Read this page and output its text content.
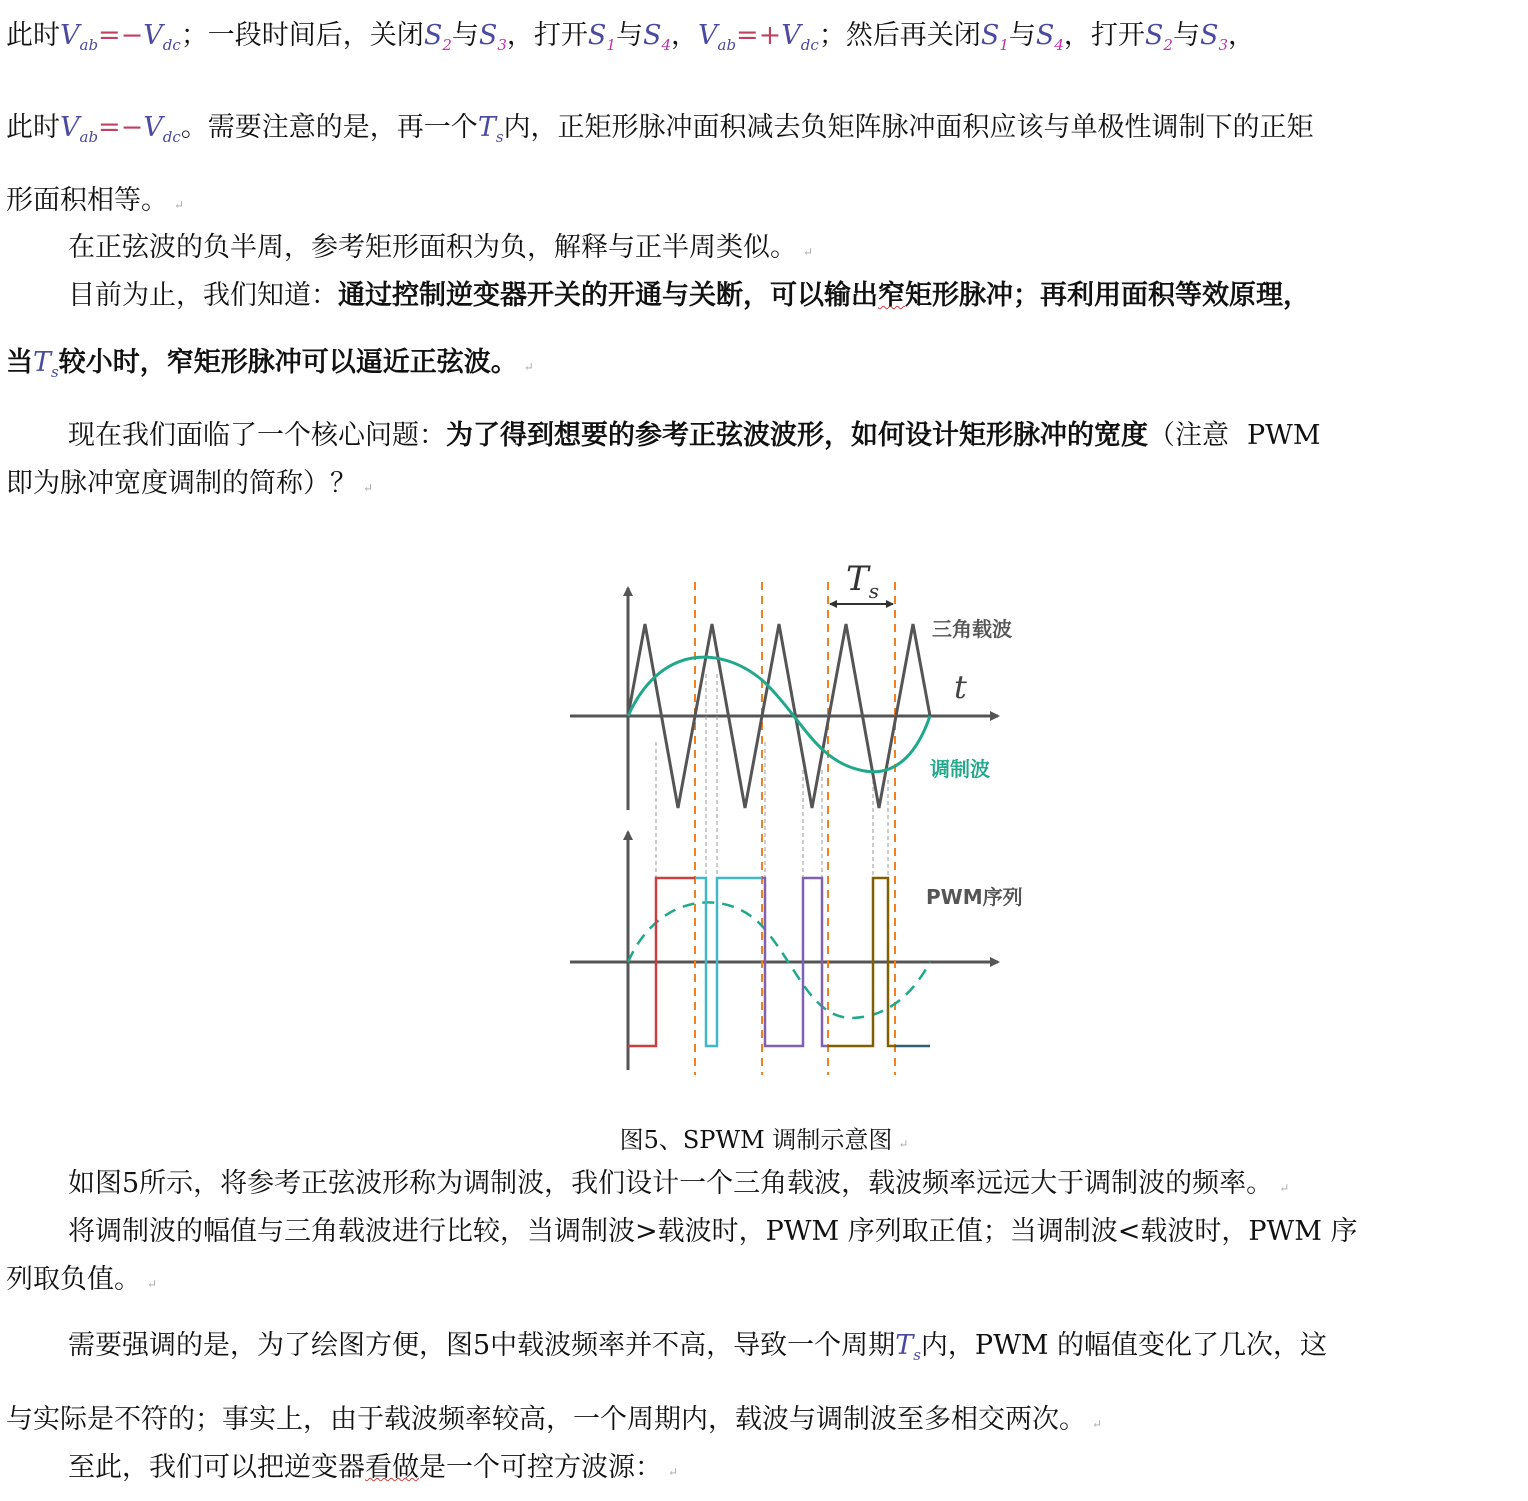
此时$V_{ab}=-V_{dc}$；一段时间后，关闭$S_2$与$S_3$，打开$S_1$与$S_4$，$V_{ab}=+V_{dc}$；然后再关闭$S_1$与$S_4$，打开$S_2$与$S_3$，
此时$V_{ab}=-V_{dc}$。需要注意的是，再一个$T_s$内，正矩形脉冲面积减去负矩阵脉冲面积应该与单极性调制下的正矩
形面积相等。 ↵
在正弦波的负半周，参考矩形面积为负，解释与正半周类似。 ↵
目前为止，我们知道：通过控制逆变器开关的开通与关断，可以输出窄矩形脉冲；再利用面积等效原理，
当$T_s$较小时，窄矩形脉冲可以逼近正弦波。 ↵
现在我们面临了一个核心问题：为了得到想要的参考正弦波波形，如何设计矩形脉冲的宽度（注意 PWM
即为脉冲宽度调制的简称）？ ↵
$T_s$
t
三角载波
调制波
PWM序列
图5、SPWM 调制示意图 ↵
如图5所示，将参考正弦波形称为调制波，我们设计一个三角载波，载波频率远远大于调制波的频率。 ↵
将调制波的幅值与三角载波进行比较，当调制波>载波时，PWM 序列取正值；当调制波<载波时，PWM 序
列取负值。 ↵
需要强调的是，为了绘图方便，图5中载波频率并不高，导致一个周期$T_s$内，PWM 的幅值变化了几次，这
与实际是不符的；事实上，由于载波频率较高，一个周期内，载波与调制波至多相交两次。 ↵
至此，我们可以把逆变器看做是一个可控方波源： ↵
